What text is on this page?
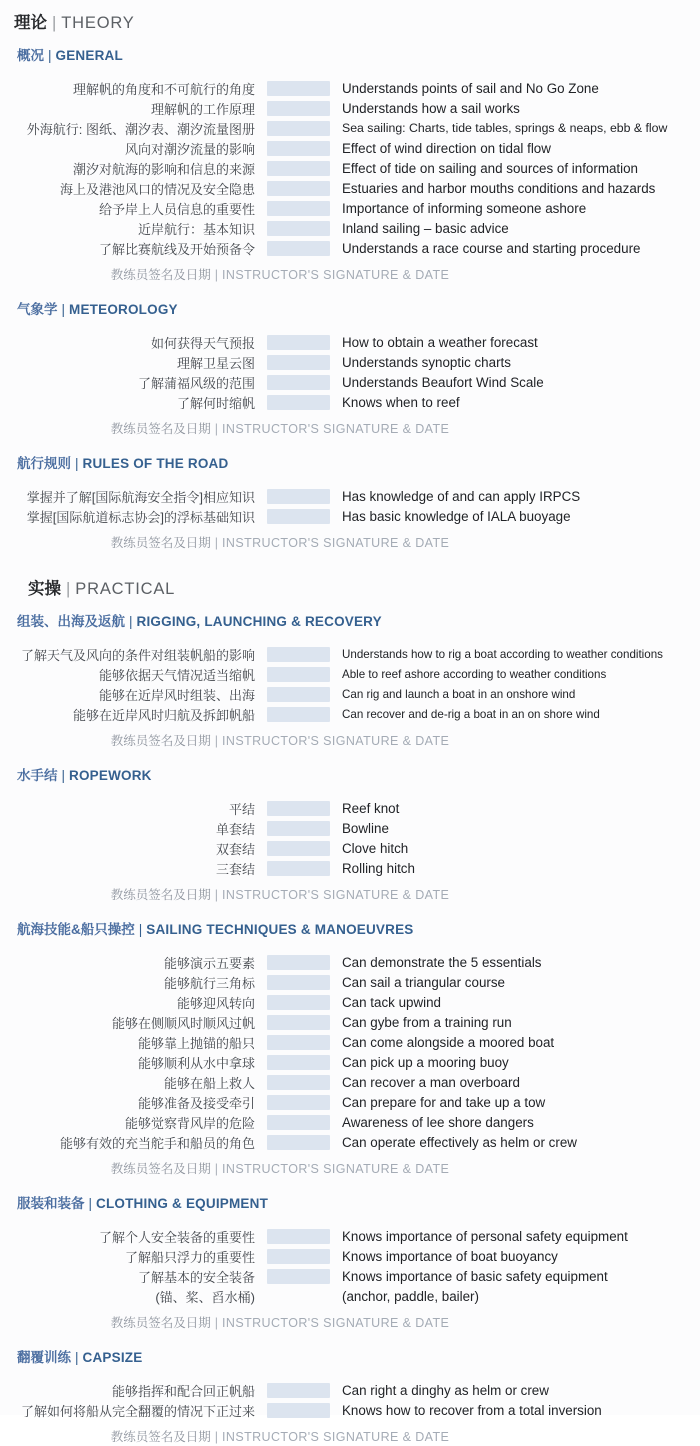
理论 | THEORY
概况 | GENERAL
理解帆的角度和不可航行的角度	Understands points of sail and No Go Zone
理解帆的工作原理	Understands how a sail works
外海航行: 图纸、潮汐表、潮汐流量图册	Sea sailing: Charts, tide tables, springs & neaps, ebb & flow
风向对潮汐流量的影响	Effect of wind direction on tidal flow
潮汐对航海的影响和信息的来源	Effect of tide on sailing and sources of information
海上及港池风口的情况及安全隐患	Estuaries and harbor mouths conditions and hazards
给予岸上人员信息的重要性	Importance of informing someone ashore
近岸航行：基本知识	Inland sailing – basic advice
了解比赛航线及开始预备令	Understands a race course and starting procedure
教练员签名及日期 | INSTRUCTOR'S SIGNATURE & DATE
气象学 | METEOROLOGY
如何获得天气预报	How to obtain a weather forecast
理解卫星云图	Understands synoptic charts
了解蒲福风级的范围	Understands Beaufort Wind Scale
了解何时缩帆	Knows when to reef
教练员签名及日期 | INSTRUCTOR'S SIGNATURE & DATE
航行规则 | RULES OF THE ROAD
掌握并了解[国际航海安全指令]相应知识	Has knowledge of and can apply IRPCS
掌握[国际航道标志协会]的浮标基础知识	Has basic knowledge of IALA buoyage
教练员签名及日期 | INSTRUCTOR'S SIGNATURE & DATE
实操 | PRACTICAL
组装、出海及返航 | RIGGING, LAUNCHING & RECOVERY
了解天气及风向的条件对组装帆船的影响	Understands how to rig a boat according to weather conditions
能够依据天气情况适当缩帆	Able to reef ashore according to weather conditions
能够在近岸风时组装、出海	Can rig and launch a boat in an onshore wind
能够在近岸风时归航及拆卸帆船	Can recover and de-rig a boat in an on shore wind
教练员签名及日期 | INSTRUCTOR'S SIGNATURE & DATE
水手结 | ROPEWORK
平结	Reef knot
单套结	Bowline
双套结	Clove hitch
三套结	Rolling hitch
教练员签名及日期 | INSTRUCTOR'S SIGNATURE & DATE
航海技能&船只操控 | SAILING TECHNIQUES & MANOEUVRES
能够演示五要素	Can demonstrate the 5 essentials
能够航行三角标	Can sail a triangular course
能够迎风转向	Can tack upwind
能够在侧顺风时顺风过帆	Can gybe from a training run
能够靠上抛锚的船只	Can come alongside a moored boat
能够顺利从水中拿球	Can pick up a mooring buoy
能够在船上救人	Can recover a man overboard
能够准备及接受牵引	Can prepare for and take up a tow
能够觉察背风岸的危险	Awareness of lee shore dangers
能够有效的充当舵手和船员的角色	Can operate effectively as helm or crew
教练员签名及日期 | INSTRUCTOR'S SIGNATURE & DATE
服装和装备 | CLOTHING & EQUIPMENT
了解个人安全装备的重要性	Knows importance of personal safety equipment
了解船只浮力的重要性	Knows importance of boat buoyancy
了解基本的安全装备	Knows importance of basic safety equipment
(锚、桨、舀水桶)	(anchor, paddle, bailer)
教练员签名及日期 | INSTRUCTOR'S SIGNATURE & DATE
翻覆训练 | CAPSIZE
能够指挥和配合回正帆船	Can right a dinghy as helm or crew
了解如何将船从完全翻覆的情况下正过来	Knows how to recover from a total inversion
教练员签名及日期 | INSTRUCTOR'S SIGNATURE & DATE
